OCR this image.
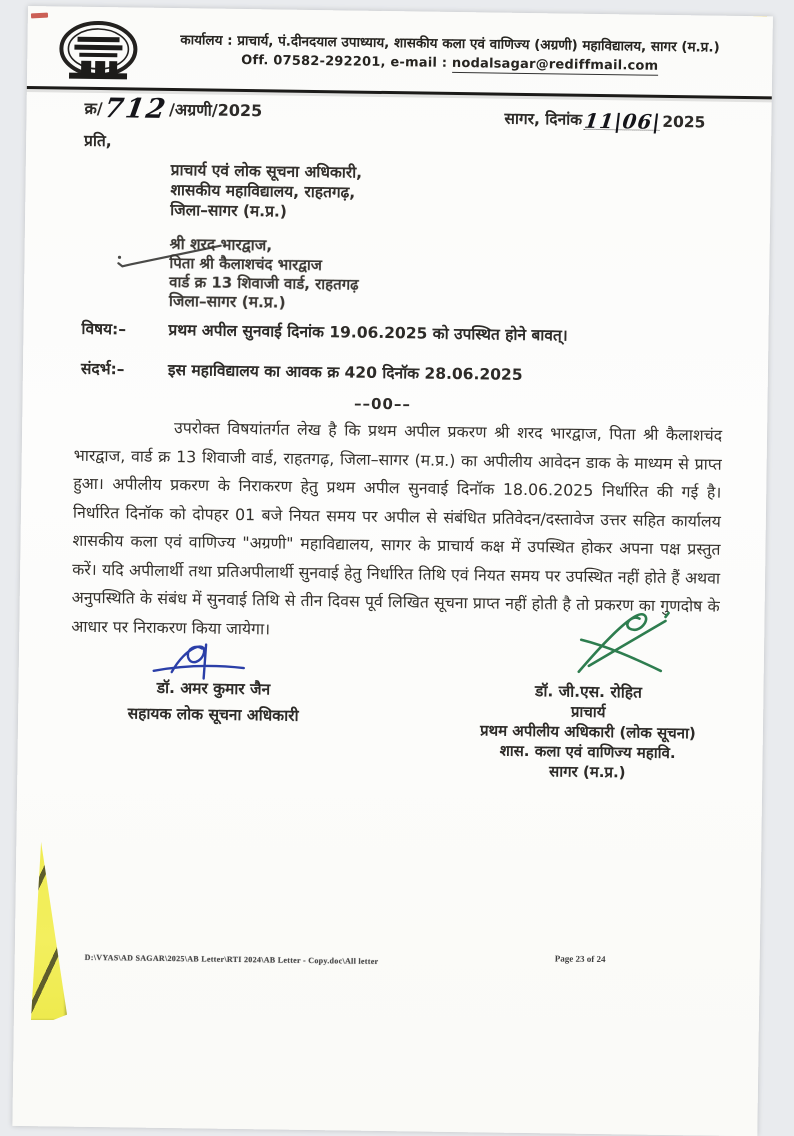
कार्यालय : प्राचार्य, पं.दीनदयाल उपाध्याय, शासकीय कला एवं वाणिज्य (अग्रणी) महाविद्यालय, सागर (म.प्र.)
Off. 07582-292201, e-mail : nodalsagar@rediffmail.com
क्र/ 712 /अग्रणी/2025	सागर, दिनांक 11|06| 2025
प्रति,
प्राचार्य एवं लोक सूचना अधिकारी,
शासकीय महाविद्यालय, राहतगढ़,
जिला–सागर (म.प्र.)
श्री शरद भारद्वाज,
पिता श्री कैलाशचंद भारद्वाज
वार्ड क्र 13 शिवाजी वार्ड, राहतगढ़
जिला–सागर (म.प्र.)
विषय:–	प्रथम अपील सुनवाई दिनांक 19.06.2025 को उपस्थित होने बावत्।
संदर्भ:–	इस महाविद्यालय का आवक क्र 420 दिनॉक 28.06.2025
––00––

उपरोक्त विषयांतर्गत लेख है कि प्रथम अपील प्रकरण श्री शरद भारद्वाज, पिता श्री कैलाशचंद भारद्वाज, वार्ड क्र 13 शिवाजी वार्ड, राहतगढ़, जिला–सागर (म.प्र.) का अपीलीय आवेदन डाक के माध्यम से प्राप्त हुआ। अपीलीय प्रकरण के निराकरण हेतु प्रथम अपील सुनवाई दिनॉक 18.06.2025 निर्धारित की गई है। निर्धारित दिनॉक को दोपहर 01 बजे नियत समय पर अपील से संबंधित प्रतिवेदन/दस्तावेज उत्तर सहित कार्यालय शासकीय कला एवं वाणिज्य "अग्रणी" महाविद्यालय, सागर के प्राचार्य कक्ष में उपस्थित होकर अपना पक्ष प्रस्तुत करें। यदि अपीलार्थी तथा प्रतिअपीलार्थी सुनवाई हेतु निर्धारित तिथि एवं नियत समय पर उपस्थित नहीं होते हैं अथवा अनुपस्थिति के संबंध में सुनवाई तिथि से तीन दिवस पूर्व लिखित सूचना प्राप्त नहीं होती है तो प्रकरण का गुणदोष के आधार पर निराकरण किया जायेगा।

डॉ. अमर कुमार जैन
सहायक लोक सूचना अधिकारी
डॉ. जी.एस. रोहित
प्राचार्य
प्रथम अपीलीय अधिकारी (लोक सूचना)
शास. कला एवं वाणिज्य महावि.
सागर (म.प्र.)
D:\VYAS\AD SAGAR\2025\AB Letter\RTI 2024\AB Letter - Copy.doc\All letter	Page 23 of 24
